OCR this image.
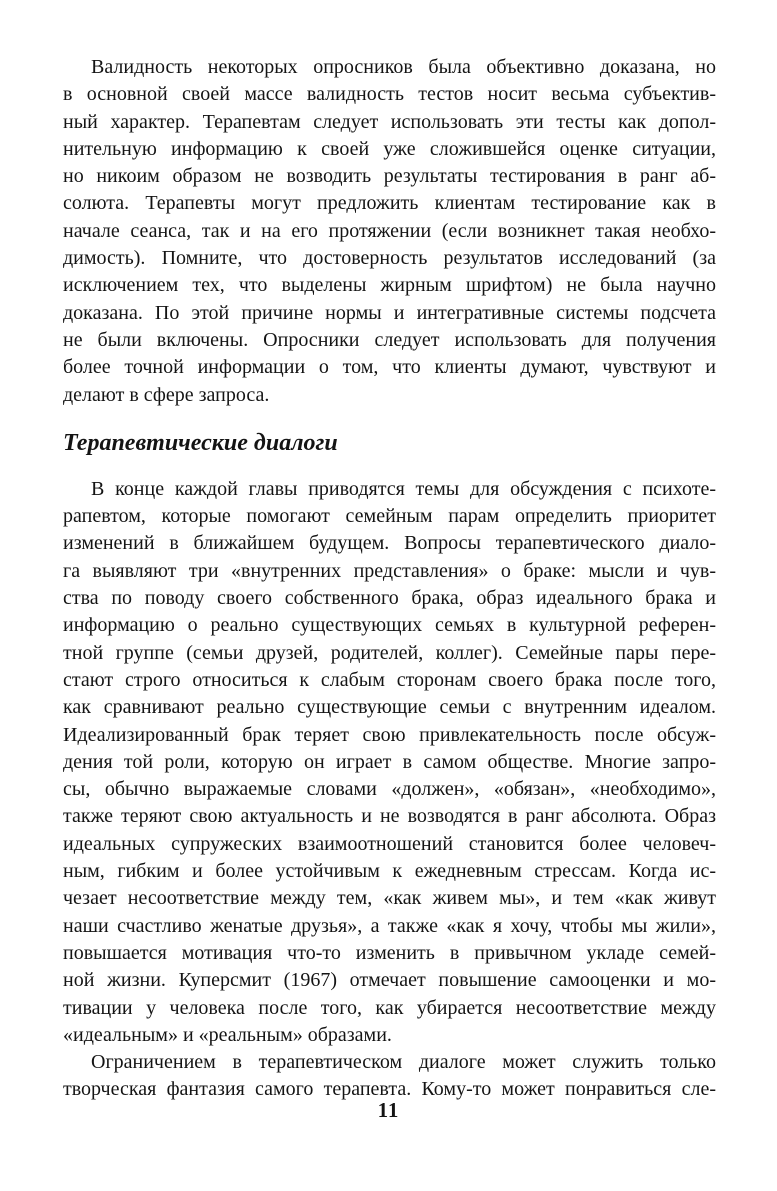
Валидность некоторых опросников была объективно доказана, но
в основной своей массе валидность тестов носит весьма субъектив-
ный характер. Терапевтам следует использовать эти тесты как допол-
нительную информацию к своей уже сложившейся оценке ситуации,
но никоим образом не возводить результаты тестирования в ранг аб-
солюта. Терапевты могут предложить клиентам тестирование как в
начале сеанса, так и на его протяжении (если возникнет такая необхо-
димость). Помните, что достоверность результатов исследований (за
исключением тех, что выделены жирным шрифтом) не была научно
доказана. По этой причине нормы и интегративные системы подсчета
не были включены. Опросники следует использовать для получения
более точной информации о том, что клиенты думают, чувствуют и
делают в сфере запроса.
Терапевтические диалоги
В конце каждой главы приводятся темы для обсуждения с психоте-
рапевтом, которые помогают семейным парам определить приоритет
изменений в ближайшем будущем. Вопросы терапевтического диало-
га выявляют три «внутренних представления» о браке: мысли и чув-
ства по поводу своего собственного брака, образ идеального брака и
информацию о реально существующих семьях в культурной референ-
тной группе (семьи друзей, родителей, коллег). Семейные пары пере-
стают строго относиться к слабым сторонам своего брака после того,
как сравнивают реально существующие семьи с внутренним идеалом.
Идеализированный брак теряет свою привлекательность после обсуж-
дения той роли, которую он играет в самом обществе. Многие запро-
сы, обычно выражаемые словами «должен», «обязан», «необходимо»,
также теряют свою актуальность и не возводятся в ранг абсолюта. Образ
идеальных супружеских взаимоотношений становится более человеч-
ным, гибким и более устойчивым к ежедневным стрессам. Когда ис-
чезает несоответствие между тем, «как живем мы», и тем «как живут
наши счастливо женатые друзья», а также «как я хочу, чтобы мы жили»,
повышается мотивация что-то изменить в привычном укладе семей-
ной жизни. Куперсмит (1967) отмечает повышение самооценки и мо-
тивации у человека после того, как убирается несоответствие между
«идеальным» и «реальным» образами.
Ограничением в терапевтическом диалоге может служить только
творческая фантазия самого терапевта. Кому-то может понравиться сле-
11
